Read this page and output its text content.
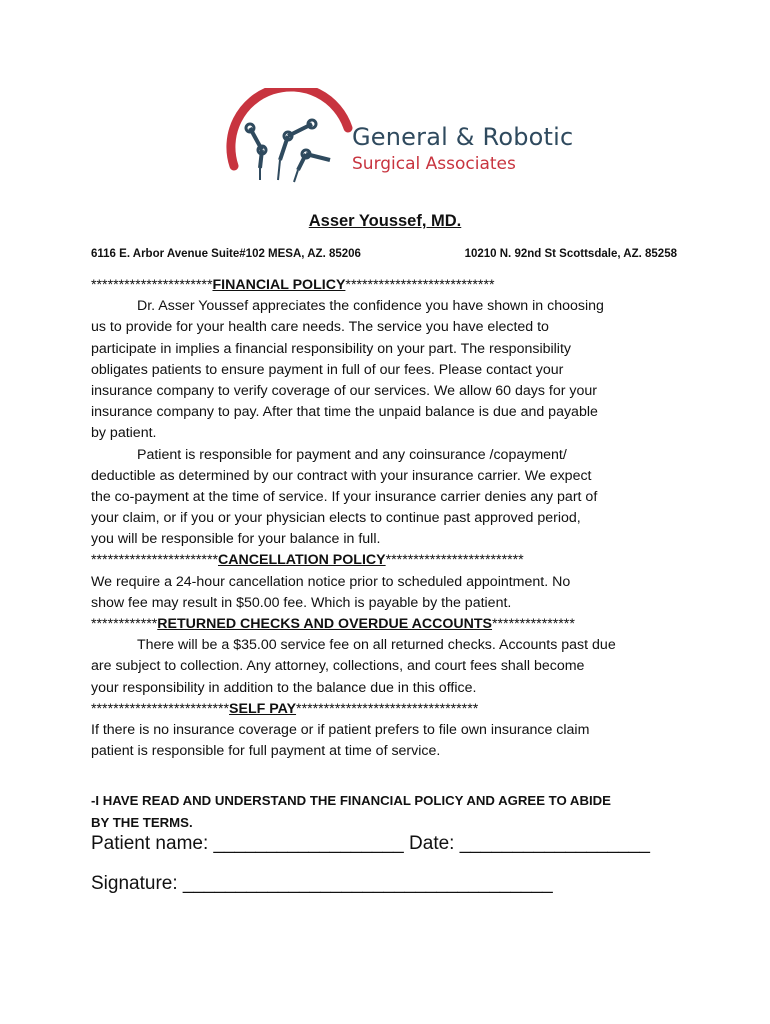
General & Robotic
Surgical Associates
Asser Youssef, MD.
6116 E. Arbor Avenue Suite#102 MESA, AZ. 85206	10210 N. 92nd St Scottsdale, AZ. 85258
**********************FINANCIAL POLICY***************************
Dr. Asser Youssef appreciates the confidence you have shown in choosing
us to provide for your health care needs. The service you have elected to
participate in implies a financial responsibility on your part. The responsibility
obligates patients to ensure payment in full of our fees. Please contact your
insurance company to verify coverage of our services. We allow 60 days for your
insurance company to pay. After that time the unpaid balance is due and payable
by patient.
Patient is responsible for payment and any coinsurance /copayment/
deductible as determined by our contract with your insurance carrier. We expect
the co-payment at the time of service. If your insurance carrier denies any part of
your claim, or if you or your physician elects to continue past approved period,
you will be responsible for your balance in full.
***********************CANCELLATION POLICY*************************
We require a 24-hour cancellation notice prior to scheduled appointment. No
show fee may result in $50.00 fee. Which is payable by the patient.
************RETURNED CHECKS AND OVERDUE ACCOUNTS***************
There will be a $35.00 service fee on all returned checks. Accounts past due
are subject to collection. Any attorney, collections, and court fees shall become
your responsibility in addition to the balance due in this office.
*************************SELF PAY*********************************
If there is no insurance coverage or if patient prefers to file own insurance claim
patient is responsible for full payment at time of service.
-I HAVE READ AND UNDERSTAND THE FINANCIAL POLICY AND AGREE TO ABIDE
BY THE TERMS.
Patient name: __________________ Date: __________________
Signature: ___________________________________
